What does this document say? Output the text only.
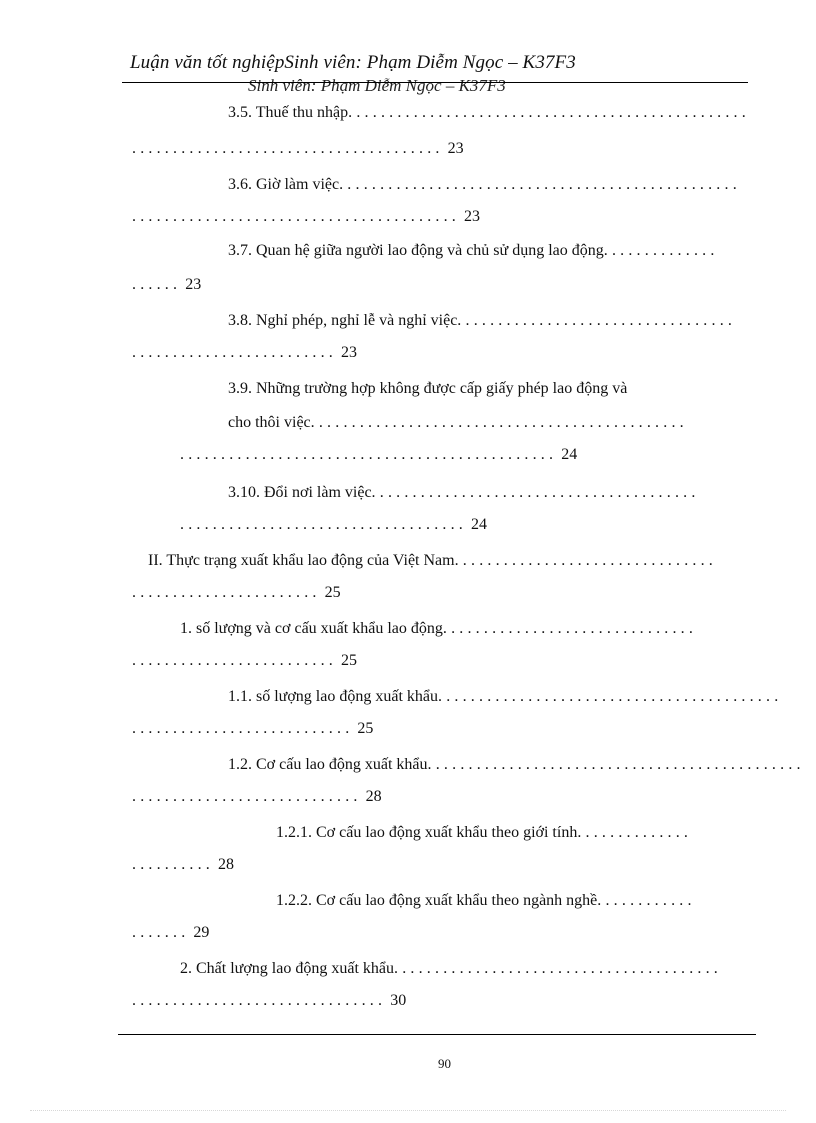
Luận văn tốt nghiệpSinh viên: Phạm Diễm Ngọc – K37F3
Sinh viên: Phạm Diễm Ngọc – K37F3
3.5. Thuế thu nhập.................................................
...................................... 23
3.6. Giờ làm việc.................................................
........................................ 23
3.7. Quan hệ giữa người lao động và chủ sử dụng lao động..............
...... 23
3.8. Nghỉ phép, nghỉ lễ và nghỉ việc..................................
......................... 23
3.9. Những trường hợp không được cấp giấy phép lao động và
cho thôi việc..............................................
.............................................. 24
3.10. Đổi nơi làm việc........................................
................................... 24
II. Thực trạng xuất khẩu lao động của Việt Nam................................
....................... 25
1. số lượng và cơ cấu xuất khẩu lao động...............................
......................... 25
1.1. số lượng lao động xuất khẩu..........................................
........................... 25
1.2. Cơ cấu lao động xuất khẩu..............................................
............................ 28
1.2.1. Cơ cấu lao động xuất khẩu theo giới tính..............
.......... 28
1.2.2. Cơ cấu lao động xuất khẩu theo ngành nghề............
....... 29
2. Chất lượng lao động xuất khẩu........................................
............................... 30
90
